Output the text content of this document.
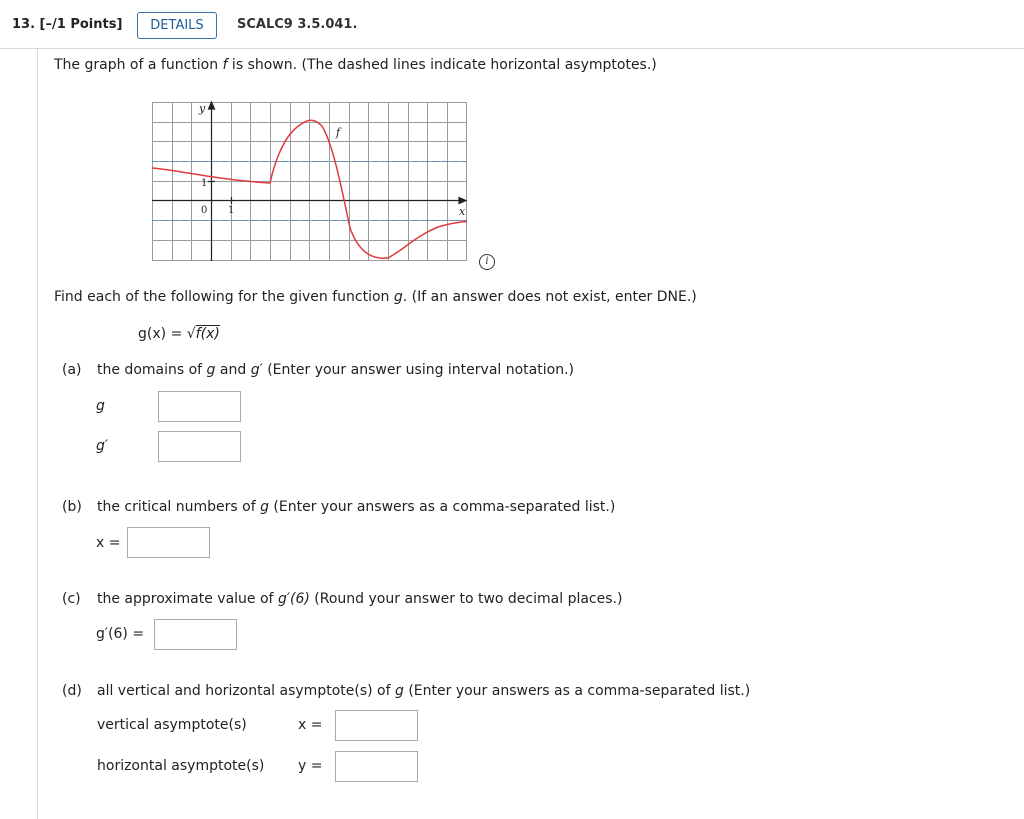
13. [–/1 Points]	DETAILS	SCALC9 3.5.041.
The graph of a function f is shown. (The dashed lines indicate horizontal asymptotes.)
y
x
f
1
0 1
i
Find each of the following for the given function g. (If an answer does not exist, enter DNE.)
g(x) = √f(x)
(a) the domains of g and g′ (Enter your answer using interval notation.)
g
g′
(b) the critical numbers of g (Enter your answers as a comma-separated list.)
x =
(c) the approximate value of g′(6) (Round your answer to two decimal places.)
g′(6) =
(d) all vertical and horizontal asymptote(s) of g (Enter your answers as a comma-separated list.)
vertical asymptote(s)	x =
horizontal asymptote(s) y =
